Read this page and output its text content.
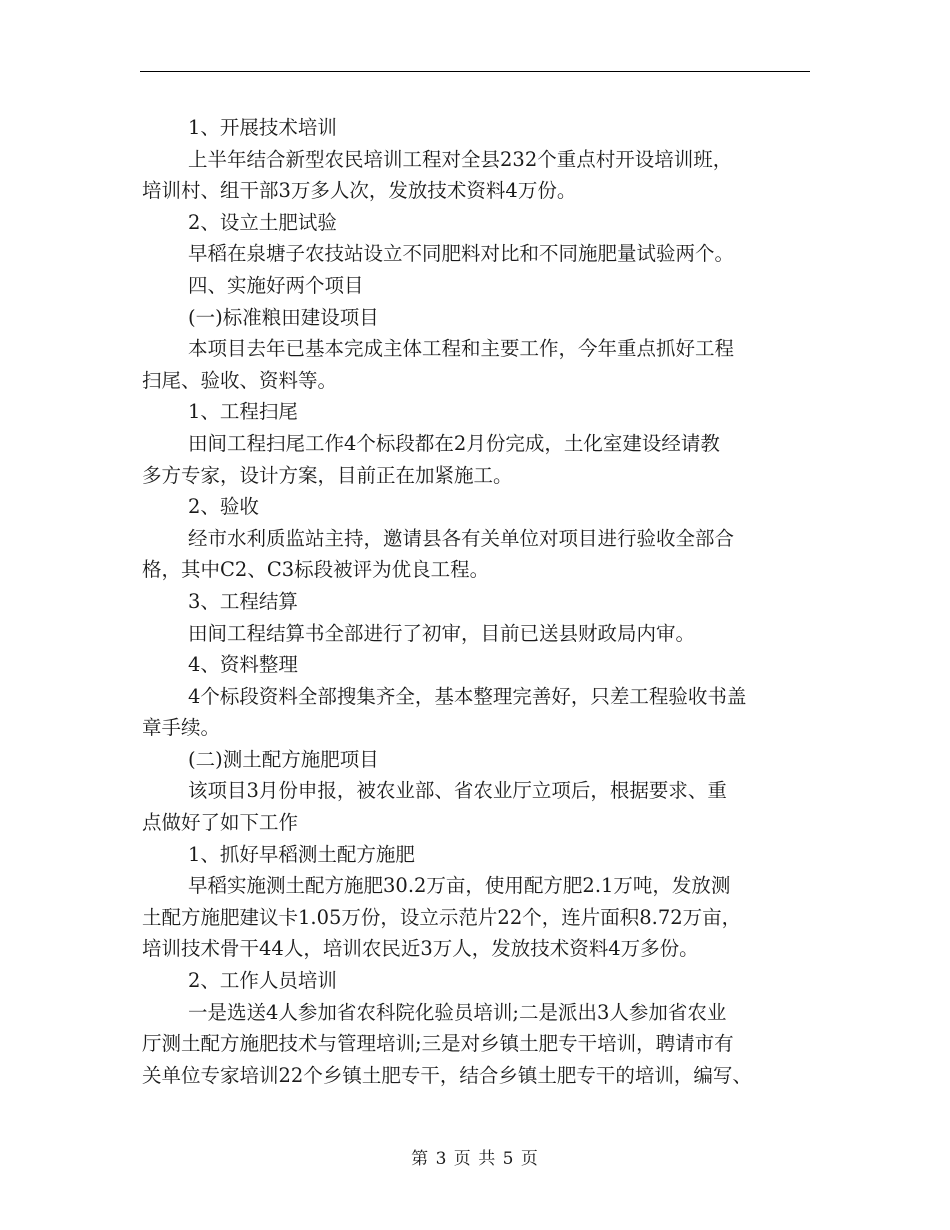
1、开展技术培训
上半年结合新型农民培训工程对全县232个重点村开设培训班，
培训村、组干部3万多人次，发放技术资料4万份。
2、设立土肥试验
早稻在泉塘子农技站设立不同肥料对比和不同施肥量试验两个。
四、实施好两个项目
(一)标准粮田建设项目
本项目去年已基本完成主体工程和主要工作，今年重点抓好工程
扫尾、验收、资料等。
1、工程扫尾
田间工程扫尾工作4个标段都在2月份完成，土化室建设经请教
多方专家，设计方案，目前正在加紧施工。
2、验收
经市水利质监站主持，邀请县各有关单位对项目进行验收全部合
格，其中C2、C3标段被评为优良工程。
3、工程结算
田间工程结算书全部进行了初审，目前已送县财政局内审。
4、资料整理
4个标段资料全部搜集齐全，基本整理完善好，只差工程验收书盖
章手续。
(二)测土配方施肥项目
该项目3月份申报，被农业部、省农业厅立项后，根据要求、重
点做好了如下工作
1、抓好早稻测土配方施肥
早稻实施测土配方施肥30.2万亩，使用配方肥2.1万吨，发放测
土配方施肥建议卡1.05万份，设立示范片22个，连片面积8.72万亩，
培训技术骨干44人，培训农民近3万人，发放技术资料4万多份。
2、工作人员培训
一是选送4人参加省农科院化验员培训;二是派出3人参加省农业
厅测土配方施肥技术与管理培训;三是对乡镇土肥专干培训，聘请市有
关单位专家培训22个乡镇土肥专干，结合乡镇土肥专干的培训，编写、
第 3 页 共 5 页
